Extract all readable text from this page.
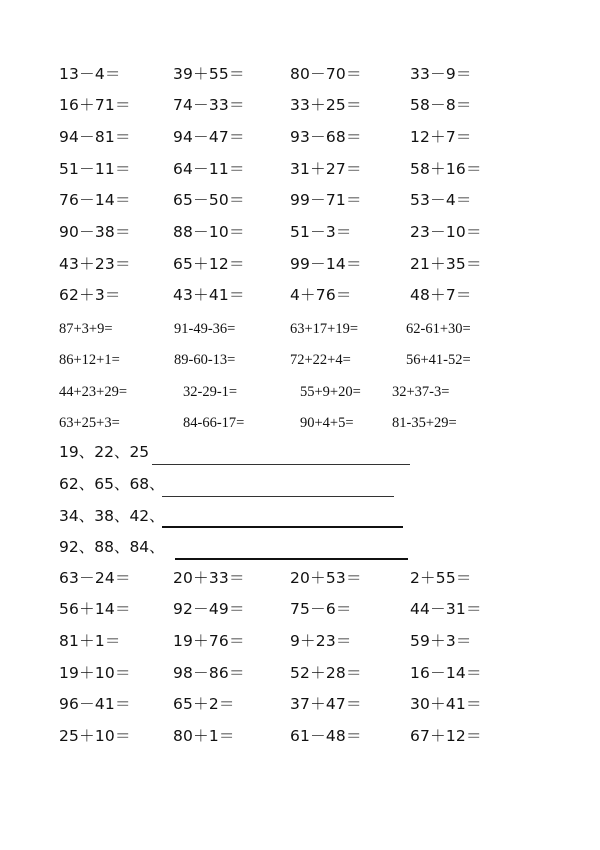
13－4＝	39＋55＝	80－70＝	33－9＝
16＋71＝	74－33＝	33＋25＝	58－8＝
94－81＝	94－47＝	93－68＝	12＋7＝
51－11＝	64－11＝	31＋27＝	58＋16＝
76－14＝	65－50＝	99－71＝	53－4＝
90－38＝	88－10＝	51－3＝	23－10＝
43＋23＝	65＋12＝	99－14＝	21＋35＝
62＋3＝	43＋41＝	4＋76＝	48＋7＝
87+3+9=	91-49-36=	63+17+19=	62-61+30=
86+12+1=	89-60-13=	72+22+4=	56+41-52=
44+23+29=	32-29-1=	55+9+20= 32+37-3=
63+25+3=	84-66-17=	90+4+5=	81-35+29=
19、22、25
62、65、68、
34、38、42、
92、88、84、
63－24＝	20＋33＝	20＋53＝	2＋55＝
56＋14＝	92－49＝	75－6＝	44－31＝
81＋1＝	19＋76＝	9＋23＝	59＋3＝
19＋10＝	98－86＝	52＋28＝	16－14＝
96－41＝	65＋2＝	37＋47＝	30＋41＝
25＋10＝	80＋1＝	61－48＝	67＋12＝
